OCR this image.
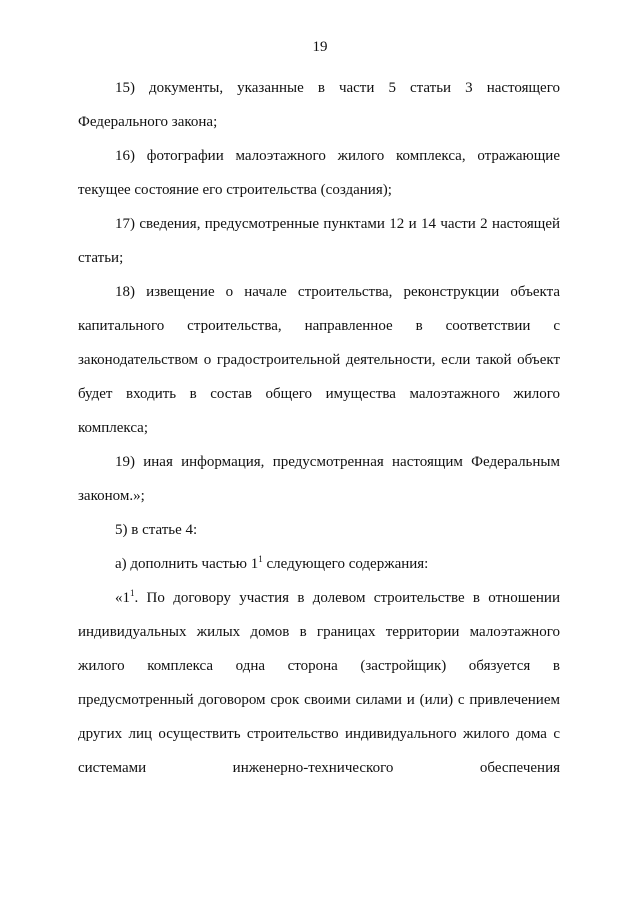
19

15) документы, указанные в части 5 статьи 3 настоящего Федерального закона;

16) фотографии малоэтажного жилого комплекса, отражающие текущее состояние его строительства (создания);

17) сведения, предусмотренные пунктами 12 и 14 части 2 настоящей статьи;

18) извещение о начале строительства, реконструкции объекта капитального строительства, направленное в соответствии с законодательством о градостроительной деятельности, если такой объект будет входить в состав общего имущества малоэтажного жилого комплекса;

19) иная информация, предусмотренная настоящим Федеральным законом.»;

5) в статье 4:

а) дополнить частью $1^1$ следующего содержания:

«$1^1$. По договору участия в долевом строительстве в отношении индивидуальных жилых домов в границах территории малоэтажного жилого комплекса одна сторона (застройщик) обязуется в предусмотренный договором срок своими силами и (или) с привлечением других лиц осуществить строительство индивидуального жилого дома с системами инженерно-технического обеспечения
